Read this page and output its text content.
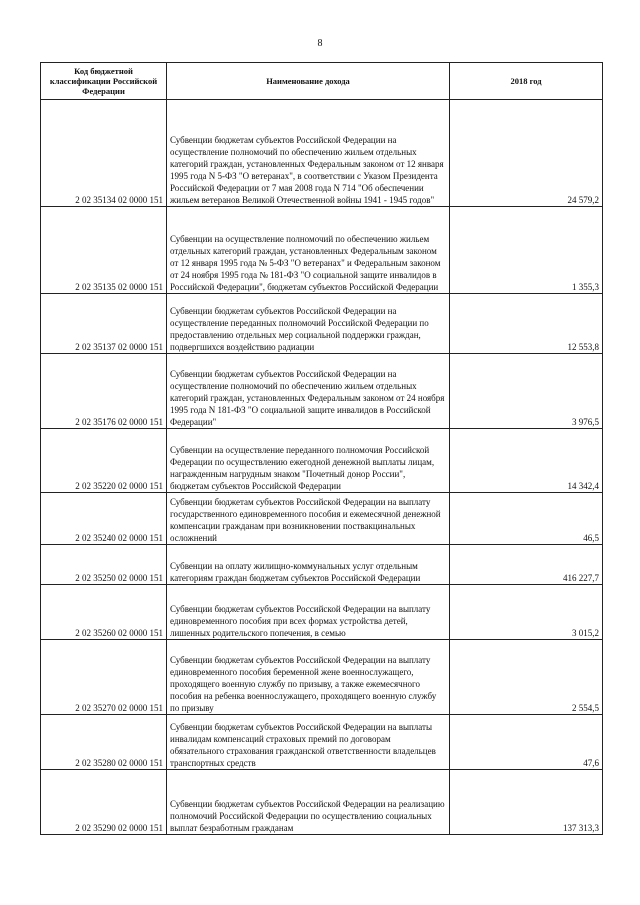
8
Код бюджетной классификации Российской Федерации	Наименование дохода	2018 год
2 02 35134 02 0000 151	Субвенции бюджетам субъектов Российской Федерации на осуществление полномочий по обеспечению жильем отдельных категорий граждан, установленных Федеральным законом от 12 января 1995 года N 5-ФЗ "О ветеранах", в соответствии с Указом Президента Российской Федерации от 7 мая 2008 года N 714 "Об обеспечении жильем ветеранов Великой Отечественной войны 1941 - 1945 годов"	24 579,2
2 02 35135 02 0000 151	Субвенции на осуществление полномочий по обеспечению жильем отдельных категорий граждан, установленных Федеральным законом от 12 января 1995 года № 5-ФЗ "О ветеранах" и Федеральным законом от 24 ноября 1995 года № 181-ФЗ "О социальной защите инвалидов в Российской Федерации", бюджетам субъектов Российской Федерации	1 355,3
2 02 35137 02 0000 151	Субвенции бюджетам субъектов Российской Федерации на осуществление переданных полномочий Российской Федерации по предоставлению отдельных мер социальной поддержки граждан, подвергшихся воздействию радиации	12 553,8
2 02 35176 02 0000 151	Субвенции бюджетам субъектов Российской Федерации на осуществление полномочий по обеспечению жильем отдельных категорий граждан, установленных Федеральным законом от 24 ноября 1995 года N 181-ФЗ "О социальной защите инвалидов в Российской Федерации"	3 976,5
2 02 35220 02 0000 151	Субвенции на осуществление переданного полномочия Российской Федерации по осуществлению ежегодной денежной выплаты лицам, награжденным нагрудным знаком "Почетный донор России", бюджетам субъектов Российской Федерации	14 342,4
2 02 35240 02 0000 151	Субвенции бюджетам субъектов Российской Федерации на выплату государственного единовременного пособия и ежемесячной денежной компенсации гражданам при возникновении поствакцинальных осложнений	46,5
2 02 35250 02 0000 151	Субвенции на оплату жилищно-коммунальных услуг отдельным категориям граждан бюджетам субъектов Российской Федерации	416 227,7
2 02 35260 02 0000 151	Субвенции бюджетам субъектов Российской Федерации на выплату единовременного пособия при всех формах устройства детей, лишенных родительского попечения, в семью	3 015,2
2 02 35270 02 0000 151	Субвенции бюджетам субъектов Российской Федерации на выплату единовременного пособия беременной жене военнослужащего, проходящего военную службу по призыву, а также ежемесячного пособия на ребенка военнослужащего, проходящего военную службу по призыву	2 554,5
2 02 35280 02 0000 151	Субвенции бюджетам субъектов Российской Федерации на выплаты инвалидам компенсаций страховых премий по договорам обязательного страхования гражданской ответственности владельцев транспортных средств	47,6
2 02 35290 02 0000 151	Субвенции бюджетам субъектов Российской Федерации на реализацию полномочий Российской Федерации по осуществлению социальных выплат безработным гражданам	137 313,3
